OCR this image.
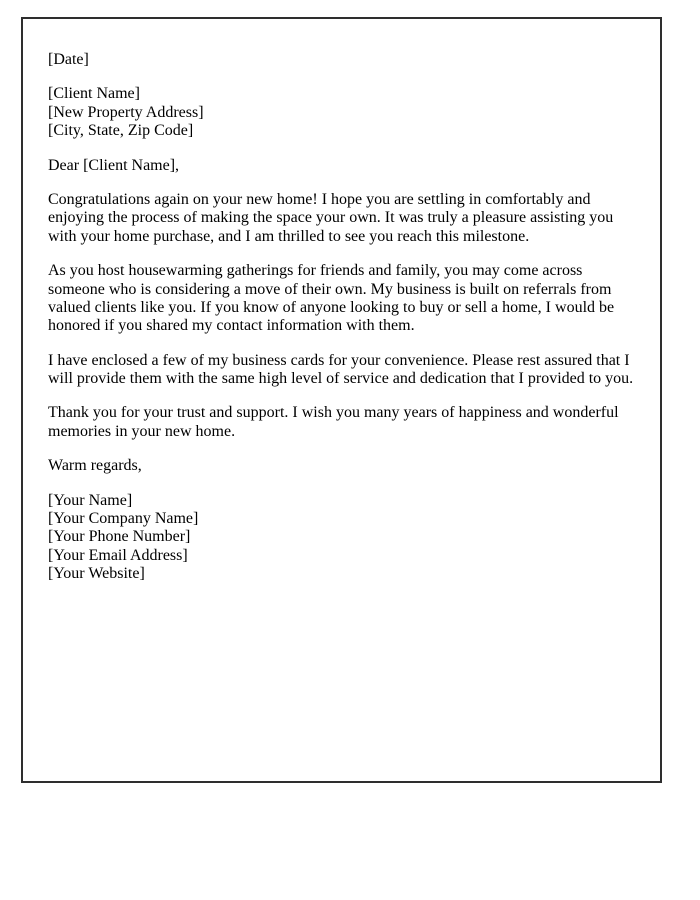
[Date]

[Client Name]
[New Property Address]
[City, State, Zip Code]

Dear [Client Name],

Congratulations again on your new home! I hope you are settling in comfortably and enjoying the process of making the space your own. It was truly a pleasure assisting you with your home purchase, and I am thrilled to see you reach this milestone.

As you host housewarming gatherings for friends and family, you may come across someone who is considering a move of their own. My business is built on referrals from valued clients like you. If you know of anyone looking to buy or sell a home, I would be honored if you shared my contact information with them.

I have enclosed a few of my business cards for your convenience. Please rest assured that I will provide them with the same high level of service and dedication that I provided to you.

Thank you for your trust and support. I wish you many years of happiness and wonderful memories in your new home.

Warm regards,

[Your Name]
[Your Company Name]
[Your Phone Number]
[Your Email Address]
[Your Website]
